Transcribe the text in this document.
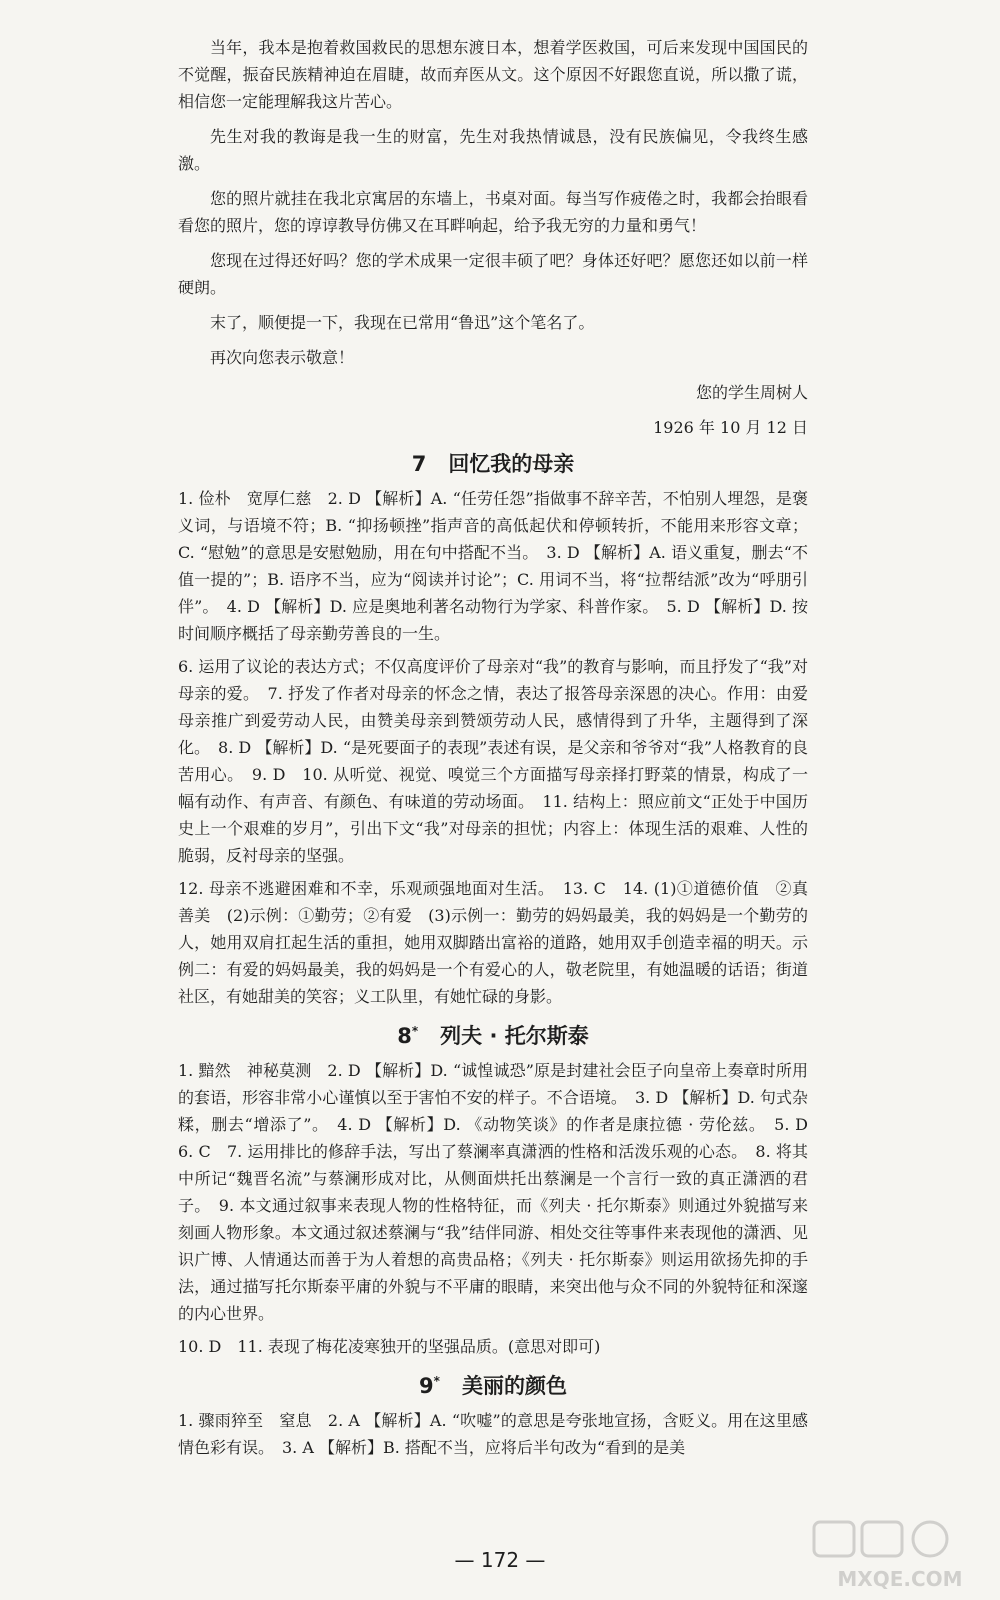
当年，我本是抱着救国救民的思想东渡日本，想着学医救国，可后来发现中国国民的不觉醒，振奋民族精神迫在眉睫，故而弃医从文。这个原因不好跟您直说，所以撒了谎，相信您一定能理解我这片苦心。

先生对我的教诲是我一生的财富，先生对我热情诚恳，没有民族偏见，令我终生感激。

您的照片就挂在我北京寓居的东墙上，书桌对面。每当写作疲倦之时，我都会抬眼看看您的照片，您的谆谆教导仿佛又在耳畔响起，给予我无穷的力量和勇气！

您现在过得还好吗？您的学术成果一定很丰硕了吧？身体还好吧？愿您还如以前一样硬朗。

末了，顺便提一下，我现在已常用“鲁迅”这个笔名了。

再次向您表示敬意！

您的学生周树人

1926 年 10 月 12 日

7 回忆我的母亲

1. 俭朴　宽厚仁慈　2. D 【解析】A. “任劳任怨”指做事不辞辛苦，不怕别人埋怨，是褒义词，与语境不符；B. “抑扬顿挫”指声音的高低起伏和停顿转折，不能用来形容文章；C. “慰勉”的意思是安慰勉励，用在句中搭配不当。　3. D 【解析】A. 语义重复，删去“不值一提的”；B. 语序不当，应为“阅读并讨论”；C. 用词不当，将“拉帮结派”改为“呼朋引伴”。　4. D 【解析】D. 应是奥地利著名动物行为学家、科普作家。　5. D 【解析】D. 按时间顺序概括了母亲勤劳善良的一生。

6. 运用了议论的表达方式；不仅高度评价了母亲对“我”的教育与影响，而且抒发了“我”对母亲的爱。　7. 抒发了作者对母亲的怀念之情，表达了报答母亲深恩的决心。作用：由爱母亲推广到爱劳动人民，由赞美母亲到赞颂劳动人民，感情得到了升华，主题得到了深化。　8. D 【解析】D. “是死要面子的表现”表述有误，是父亲和爷爷对“我”人格教育的良苦用心。　9. D　10. 从听觉、视觉、嗅觉三个方面描写母亲择打野菜的情景，构成了一幅有动作、有声音、有颜色、有味道的劳动场面。　11. 结构上：照应前文“正处于中国历史上一个艰难的岁月”，引出下文“我”对母亲的担忧；内容上：体现生活的艰难、人性的脆弱，反衬母亲的坚强。

12. 母亲不逃避困难和不幸，乐观顽强地面对生活。　13. C　14. (1)①道德价值　②真善美　(2)示例：①勤劳；②有爱　(3)示例一：勤劳的妈妈最美，我的妈妈是一个勤劳的人，她用双肩扛起生活的重担，她用双脚踏出富裕的道路，她用双手创造幸福的明天。示例二：有爱的妈妈最美，我的妈妈是一个有爱心的人，敬老院里，有她温暖的话语；街道社区，有她甜美的笑容；义工队里，有她忙碌的身影。

8* 列夫 · 托尔斯泰

1. 黯然　神秘莫测　2. D 【解析】D. “诚惶诚恐”原是封建社会臣子向皇帝上奏章时所用的套语，形容非常小心谨慎以至于害怕不安的样子。不合语境。　3. D 【解析】D. 句式杂糅，删去“增添了”。　4. D 【解析】D. 《动物笑谈》的作者是康拉德 · 劳伦兹。　5. D　6. C　7. 运用排比的修辞手法，写出了蔡澜率真潇洒的性格和活泼乐观的心态。　8. 将其中所记“魏晋名流”与蔡澜形成对比，从侧面烘托出蔡澜是一个言行一致的真正潇洒的君子。　9. 本文通过叙事来表现人物的性格特征，而《列夫 · 托尔斯泰》则通过外貌描写来刻画人物形象。本文通过叙述蔡澜与“我”结伴同游、相处交往等事件来表现他的潇洒、见识广博、人情通达而善于为人着想的高贵品格；《列夫 · 托尔斯泰》则运用欲扬先抑的手法，通过描写托尔斯泰平庸的外貌与不平庸的眼睛，来突出他与众不同的外貌特征和深邃的内心世界。

10. D　11. 表现了梅花凌寒独开的坚强品质。(意思对即可)

9* 美丽的颜色

1. 骤雨猝至　窒息　2. A 【解析】A. “吹嘘”的意思是夸张地宣扬，含贬义。用在这里感情色彩有误。　3. A 【解析】B. 搭配不当，应将后半句改为“看到的是美

— 172 —
MXQE.COM
